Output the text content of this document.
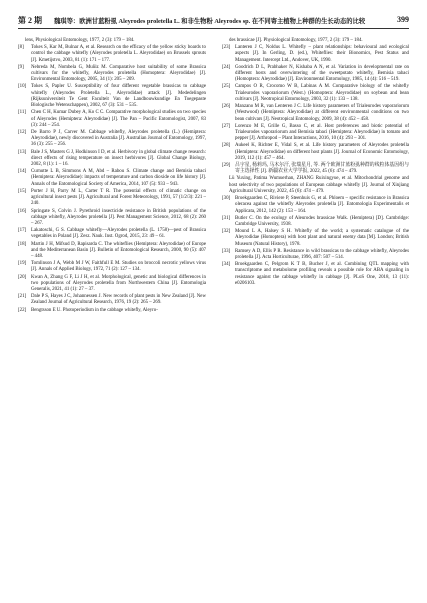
第 2 期 魏琪等：欧洲甘蓝粉虱 Aleyrodes proletella L. 和非生物粉 Aleyrodes sp. 在不同寄主植物上种群的生长动态的比较	399
lens, Physiological Entomology, 1977, 2 (3): 179 – 184.
[8] Tokes S, Kar M, Bulnar A, et al. Research on the efficacy of the yellow sticky boards to control the cabbage whitefly (Aleyrodes proletella L. Aleyrodidae) on Brussels sprouts [J]. Kmetijstvo, 2003, 81 (1): 171 – 177.
[9] Nebreda M, Nombela G, Muñiz M. Comparative host suitability of some Brassica cultivars for the whitefly, Aleyrodes proletella (Homoptera: Aleyrodidae) [J]. Environmental Entomology, 2005, 34 (1): 205 – 209.
[10] Tokes S, Papler U. Susceptibility of four different vegetable brassicas to cabbage whitefly (Aleyrodes Proletella L., Aleyrodidae) attack [J]. Mededelingen (Rijksuniversiteit Te Gent Faculteit Van de Landbouwkundige En Toegepaste Biologische Wetenschappen), 2002, 67 (3): 531 – 535.
[11] Chen C H, Kumar Dubey A, Ko C C. Comparative morphological studies on two species of Aleyrodes (Hemiptera: Aleyrodidae) [J]. The Pan – Pacific Entomologist, 2007, 83 (3): 244 – 254.
[12] De Barro P J, Carver M. Cabbage whitefly, Aleyrodes proletella (L.) (Hemiptera: Aleyrodidae), newly discovered in Australia [J]. Australian Journal of Entomology, 1997, 36 (3): 255 – 256.
[13] Bale J S, Masters G J, Hodkinson I D, et al. Herbivory in global climate change research: direct effects of rising temperature on insect herbivores [J]. Global Change Biology, 2002, 8 (1): 1 – 16.
[14] Curnutte L B, Simmons A M, Abd – Rabou S. Climate change and Bemisia tabaci (Hemiptera: Aleyrodidae): impacts of temperature and carbon dioxide on life history [J]. Annals of the Entomological Society of America, 2014, 107 (5): 933 – 943.
[15] Porter J H, Parry M L, Carter T R. The potential effects of climatic change on agricultural insect pests [J]. Agricultural and Forest Meteorology, 1991, 57 (1/2/3): 221 – 240.
[16] Springate S, Colvin J. Pyrethroid insecticide resistance in British populations of the cabbage whitefly, Aleyrodes proletella [J]. Pest Management Science, 2012, 68 (2): 260 – 267.
[17] Lakatoschi, G S. Cabbage whitefly—Aleyrodes proletella (L. 1758)—pest of Brassica vegetables in Poland [J]. Zesz. Nauk. Inst. Ogrod, 2015, 23: 49 – 61.
[18] Martin J H, Mifsud D, Rapisarda C. The whiteflies (Hemiptera: Aleyrodidae) of Europe and the Mediterranean Basin [J]. Bulletin of Entomological Research, 2000, 90 (5): 407 – 448.
[19] Tomlinson J A, Webb M J W, Faithfull E M. Studies on broccoli necrotic yellows virus [J]. Annals of Applied Biology, 1972, 71 (2): 127 – 134.
[20] Kwan A, Zhang G F, Li J H, et al. Morphological, genetic and biological differences in two populations of Aleyrodes proletella from Northwestern China [J]. Entomologia Generalis, 2021, 41 (1): 27 – 37.
[21] Dale P S, Hayes J C, Johannessen J. New records of plant pests in New Zealand [J]. New Zealand Journal of Agricultural Research, 1976, 19 (2): 265 – 269.
[22] Bengtsson E U. Photoperiodism in the cabbage whitefly, Aleyro-
des brassicae [J]. Physiological Entomology, 1977, 2 (3): 179 – 184.
[23] Lanteren J C, Noldus L. Whitefly – plant relationships: behavioural and ecological aspects [J]. In Gerling, D. (ed.), Whiteflies: their Bionomics, Pest Status and Management. Intercept Ltd., Andover, UK, 1990.
[24] Goodrich D L, Prabhaker N, Kishaba A N, et al. Variation in developmental rate on different hosts and overwintering of the sweetpotato whitefly, Bemisia tabaci (Homoptera: Aleyrodidae) [J]. Environmental Entomology, 1985, 14 (4): 516 – 519.
[25] Campos O R, Crocomo W B, Labinas A M. Comparative biology of the whitefly Trialeurodes vaporariorum (West.) (Homoptera: Aleyrodidae) on soybean and bean cultivars [J]. Neotropical Entomology, 2003, 32 (1): 133 – 138.
[26] Manzano M R, van Lenteren J C. Life history parameters of Trialeurodes vaporariorum (Westwood) (Hemiptera: Aleyrodidae) at different environmental conditions on two bean cultivars [J]. Neotropical Entomology, 2009, 38 (4): 452 – 458.
[27] Lorenzo M E, Grille G, Basso C, et al. Host preferences and biotic potential of Trialeurodes vaporariorum and Bemisia tabaci (Hemiptera: Aleyrodidae) in tomato and pepper [J]. Arthropod – Plant Interactions, 2016, 10 (4): 293 – 301.
[28] Aukeel K, Richter E, Vidal S, et al. Life history parameters of Aleyrodes proletella (Hemiptera: Aleyrodidae) on different host plants [J]. Journal of Economic Entomology, 2019, 112 (1): 457 – 464.
[29] 吕宇星, 杨莉玛, 马木尔汗, 张瑞星月, 等. 两个欧洲甘蓝粉虱种群的线粒体基因组与寄主选择性 [J]. 新疆农业大学学报, 2022, 45 (6): 474 – 479.
Lü Yuxing, Patima Wumuerhan, ZHANG Ruixingyue, et al. Mitochondrial genome and host selectivity of two populations of European cabbage whitefly [J]. Journal of Xinjiang Agricultural University, 2022, 45 (6): 474 – 479.
[30] Broekgaarden C, Riviere P, Steenhuis G, et al. Phloem – specific resistance in Brassica oleracea against the whitefly Aleyrodes proletella [J]. Entomologia Experimentalis et Applicata, 2012, 142 (2): 153 – 164.
[31] Butler C. On the ecology of Aleurodes brassicae Walk. (Hemiptera) [D]. Cambridge: Cambridge University, 1938.
[32] Mound L A, Halsey S H. Whitefly of the world; a systematic catalogue of the Aleyrodidae (Homoptera) with host plant and natural enemy data [M]. London; British Museum (Natural History), 1978.
[33] Ramsey A D, Ellis P R. Resistance in wild brassicas to the cabbage whitefly, Aleyrodes proletella [J]. Acta Horticulturae, 1996, 407: 507 – 514.
[34] Broekgaarden C, Pelgrom K T B, Bucher J, et al. Combining QTL mapping with transcriptome and metabolome profiling reveals a possible role for ABA signaling in resistance against the cabbage whitefly in cabbage [J]. PLoS One, 2018, 13 (11): e0206103.
